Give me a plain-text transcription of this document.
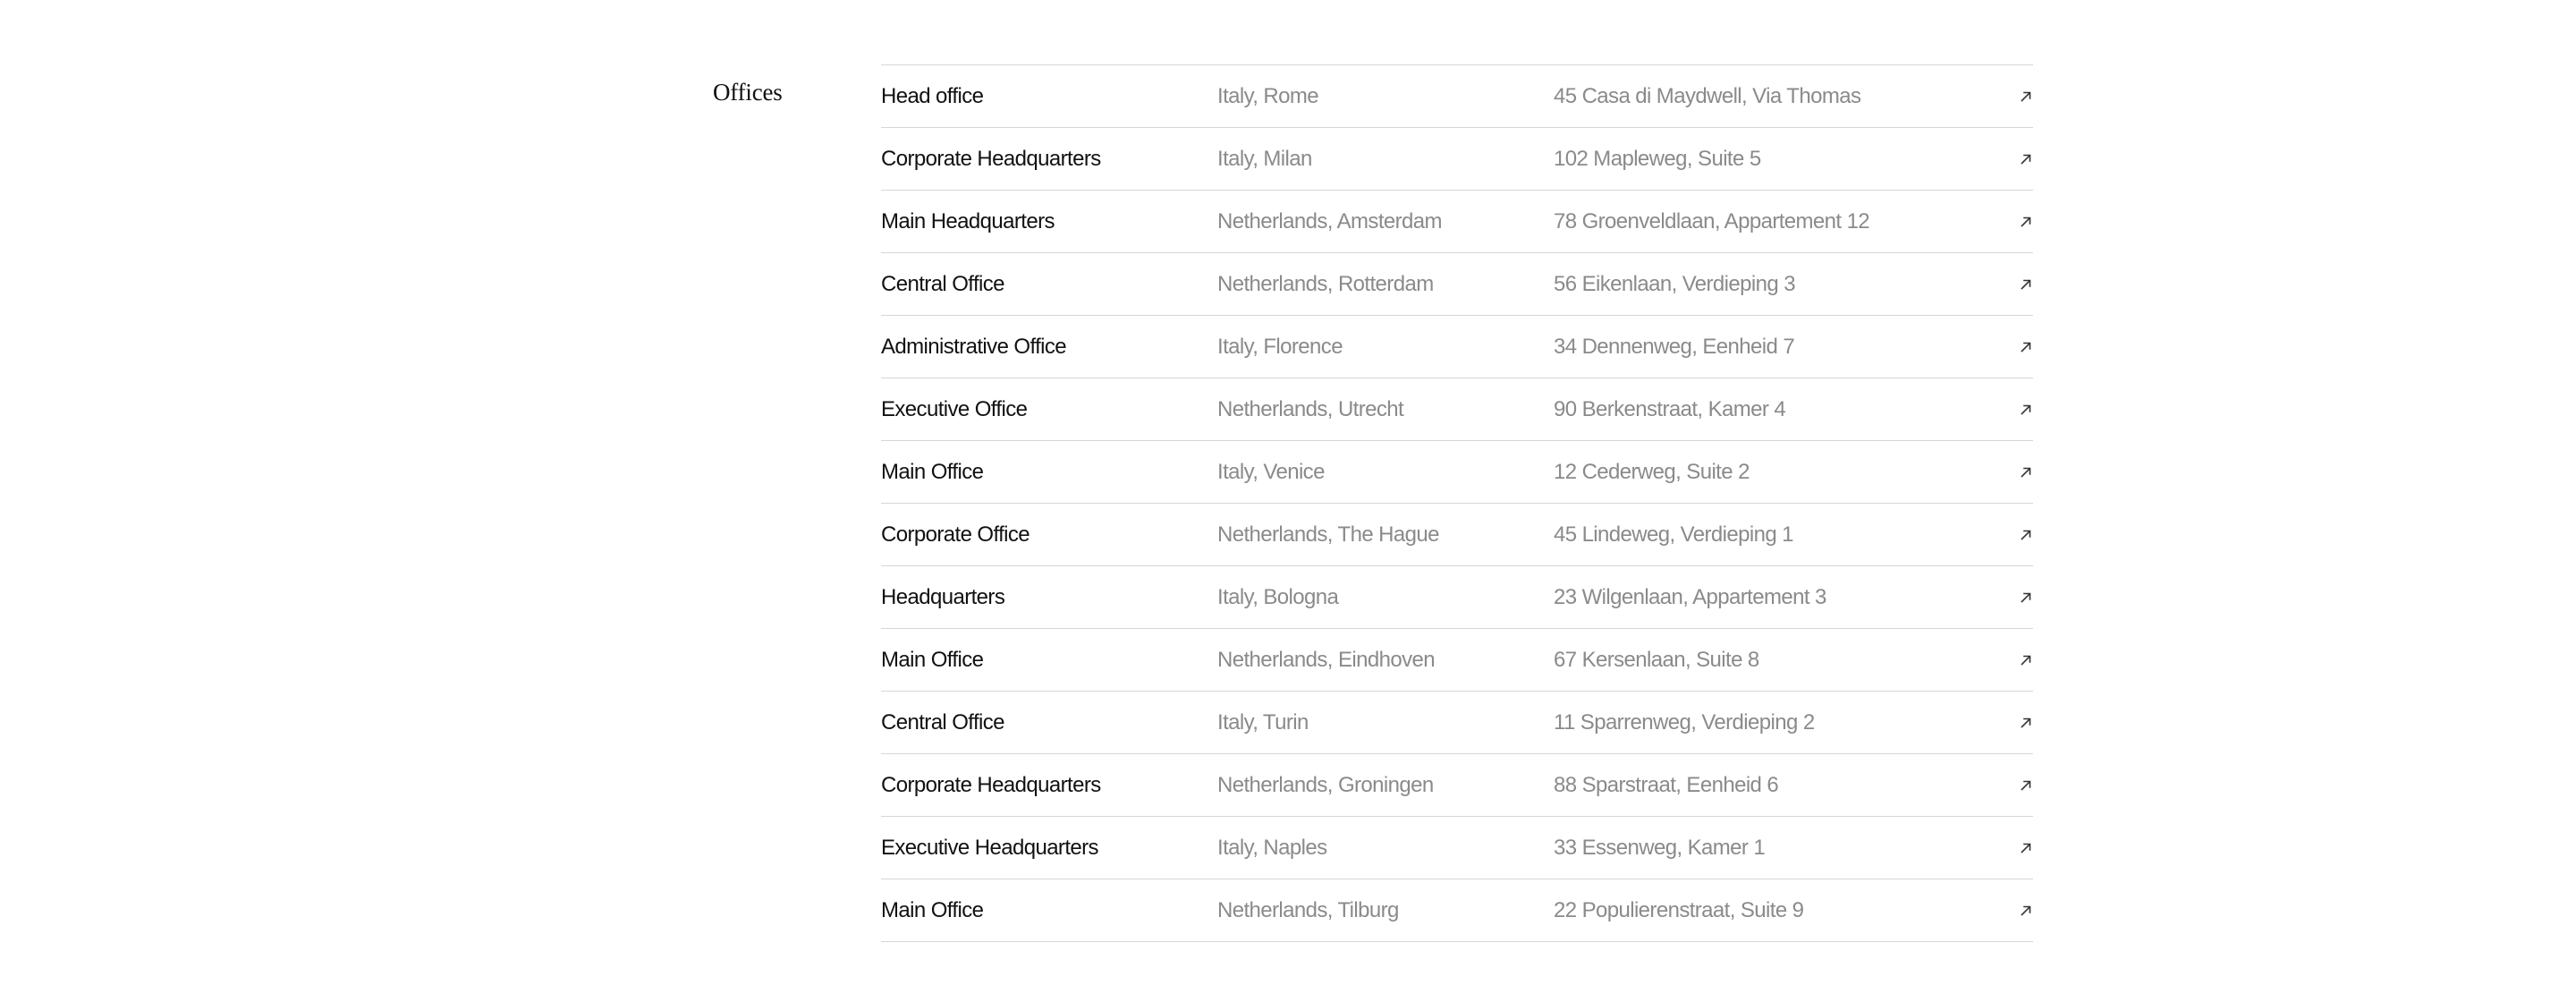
Offices	Head office	Italy, Rome	45 Casa di Maydwell, Via Thomas
Corporate Headquarters	Italy, Milan	102 Mapleweg, Suite 5
Main Headquarters	Netherlands, Amsterdam	78 Groenveldlaan, Appartement 12
Central Office	Netherlands, Rotterdam	56 Eikenlaan, Verdieping 3
Administrative Office	Italy, Florence	34 Dennenweg, Eenheid 7
Executive Office	Netherlands, Utrecht	90 Berkenstraat, Kamer 4
Main Office	Italy, Venice	12 Cederweg, Suite 2
Corporate Office	Netherlands, The Hague	45 Lindeweg, Verdieping 1
Headquarters	Italy, Bologna	23 Wilgenlaan, Appartement 3
Main Office	Netherlands, Eindhoven	67 Kersenlaan, Suite 8
Central Office	Italy, Turin	11 Sparrenweg, Verdieping 2
Corporate Headquarters	Netherlands, Groningen	88 Sparstraat, Eenheid 6
Executive Headquarters	Italy, Naples	33 Essenweg, Kamer 1
Main Office	Netherlands, Tilburg	22 Populierenstraat, Suite 9
